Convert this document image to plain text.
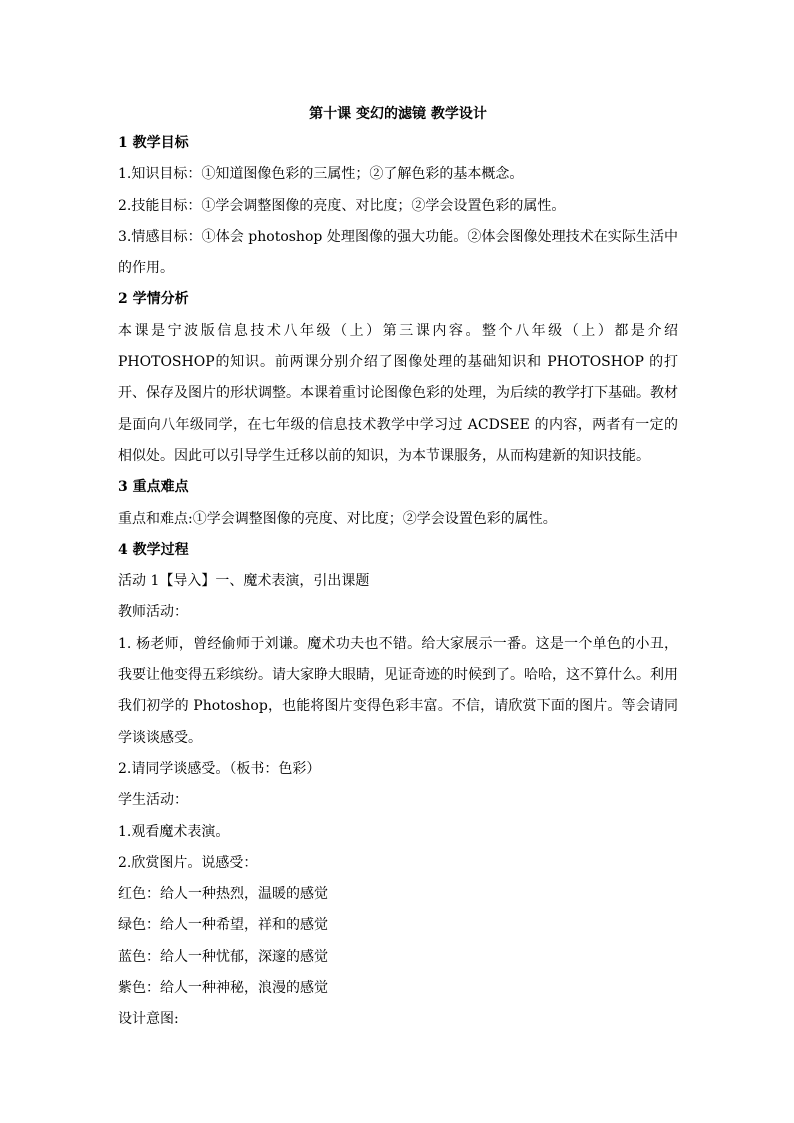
第十课 变幻的滤镜 教学设计

1 教学目标

1.知识目标：①知道图像色彩的三属性；②了解色彩的基本概念。

2.技能目标：①学会调整图像的亮度、对比度；②学会设置色彩的属性。

3.情感目标：①体会 photoshop 处理图像的强大功能。②体会图像处理技术在实际生活中的作用。

2 学情分析

本课是宁波版信息技术八年级（上）第三课内容。整个八年级（上）都是介绍PHOTOSHOP的知识。前两课分别介绍了图像处理的基础知识和 PHOTOSHOP 的打开、保存及图片的形状调整。本课着重讨论图像色彩的处理，为后续的教学打下基础。教材是面向八年级同学，在七年级的信息技术教学中学习过 ACDSEE 的内容，两者有一定的相似处。因此可以引导学生迁移以前的知识，为本节课服务，从而构建新的知识技能。

3 重点难点

重点和难点:①学会调整图像的亮度、对比度；②学会设置色彩的属性。

4 教学过程

活动 1【导入】一、魔术表演，引出课题

教师活动：

1. 杨老师，曾经偷师于刘谦。魔术功夫也不错。给大家展示一番。这是一个单色的小丑，我要让他变得五彩缤纷。请大家睁大眼睛，见证奇迹的时候到了。哈哈，这不算什么。利用我们初学的 Photoshop，也能将图片变得色彩丰富。不信，请欣赏下面的图片。等会请同学谈谈感受。

2.请同学谈感受。（板书：色彩）

学生活动：

1.观看魔术表演。

2.欣赏图片。说感受：

红色：给人一种热烈，温暖的感觉

绿色：给人一种希望，祥和的感觉

蓝色：给人一种忧郁，深邃的感觉

紫色：给人一种神秘，浪漫的感觉

设计意图:
